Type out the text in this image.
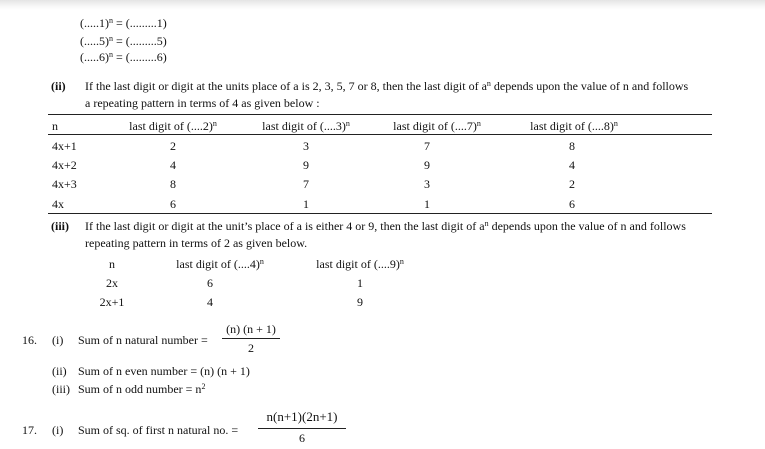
$(.....1)^n = (.........1)$
$(.....5)^n = (.........5)$
$(.....6)^n = (.........6)$
(ii) If the last digit or digit at the units place of a is 2, 3, 5, 7 or 8, then the last digit of $a^n$ depends upon the value of n and follows
a repeating pattern in terms of 4 as given below :
n	last digit of $(....2)^n$	last digit of $(....3)^n$	last digit of $(....7)^n$	last digit of $(....8)^n$
4x+1	2	3	7	8
4x+2	4	9	9	4
4x+3	8	7	3	2
4x	6	1	1	6
(iii) If the last digit or digit at the unit’s place of a is either 4 or 9, then the last digit of $a^n$ depends upon the value of n and follows
repeating pattern in terms of 2 as given below.
n	last digit of $(....4)^n$	last digit of $(....9)^n$
2x	6	1
2x+1	4	9
16. (i) Sum of n natural number =
(n) (n + 1)
2
(ii) Sum of n even number = (n) (n + 1)
(iii) Sum of n odd number = $n^2$
17. (i) Sum of sq. of first n natural no. =
n(n+1)(2n+1)
6
